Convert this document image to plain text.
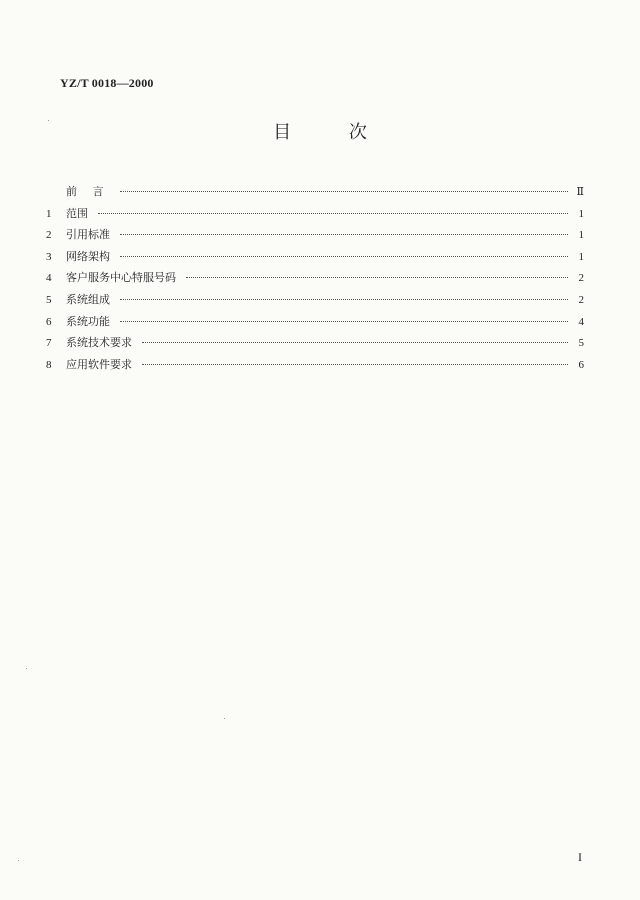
YZ/T 0018—2000
目	次
前 言	Ⅱ
1	范围	1
2	引用标准	1
3	网络架构	1
4	客户服务中心特服号码	2
5	系统组成	2
6	系统功能	4
7	系统技术要求	5
8	应用软件要求	6
I
